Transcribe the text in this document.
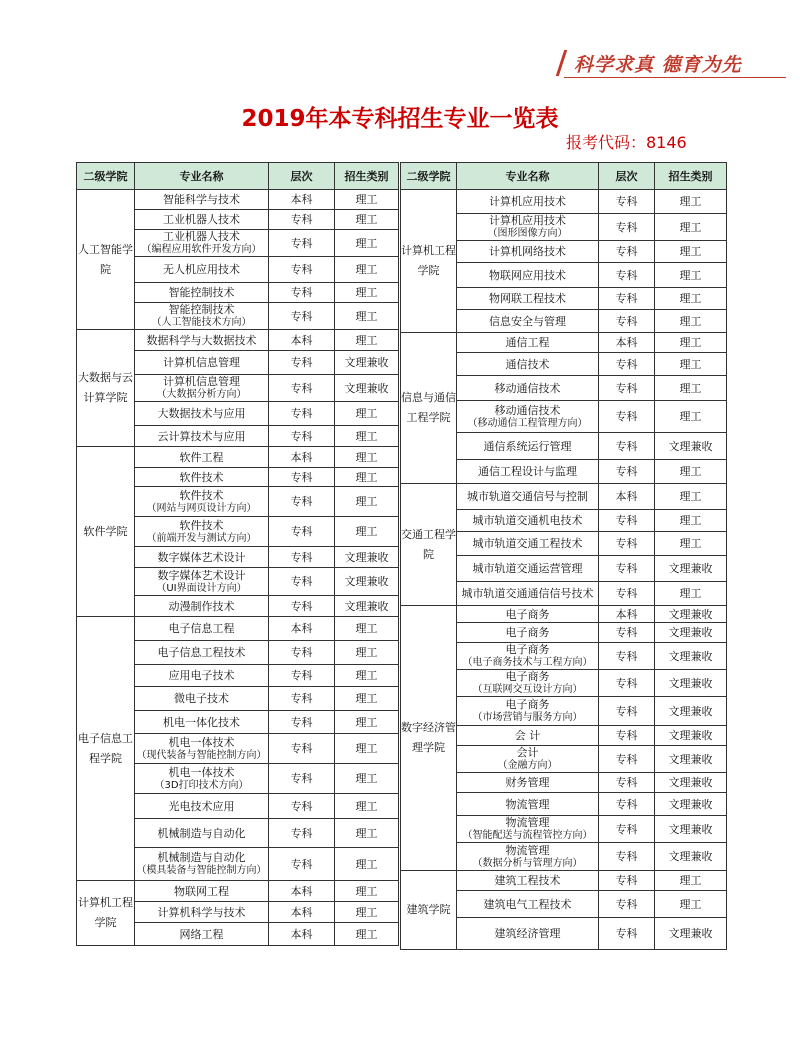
科学求真 德育为先
2019年本专科招生专业一览表
报考代码：8146
二级学院	专业名称	层次	招生类别
人工智能学院	智能科学与技术	本科	理工

	工业机器人技术	专科	理工

	工业机器人技术
（编程应用软件开发方向）	专科	理工

	无人机应用技术	专科	理工

	智能控制技术	专科	理工

	智能控制技术
（人工智能技术方向）	专科	理工
大数据与云计算学院	数据科学与大数据技术	本科	理工

	计算机信息管理	专科	文理兼收

	计算机信息管理
（大数据分析方向）	专科	文理兼收

	大数据技术与应用	专科	理工

	云计算技术与应用	专科	理工
软件学院	软件工程	本科	理工

	软件技术	专科	理工

	软件技术
（网站与网页设计方向）	专科	理工

	软件技术
（前端开发与测试方向）	专科	理工

	数字媒体艺术设计	专科	文理兼收

	数字媒体艺术设计
（UI界面设计方向）	专科	文理兼收

	动漫制作技术	专科	文理兼收
电子信息工程学院	电子信息工程	本科	理工

	电子信息工程技术	专科	理工

	应用电子技术	专科	理工

	微电子技术	专科	理工

	机电一体化技术	专科	理工

	机电一体技术
（现代装备与智能控制方向）	专科	理工

	机电一体技术
（3D打印技术方向）	专科	理工

	光电技术应用	专科	理工

	机械制造与自动化	专科	理工

	机械制造与自动化
（模具装备与智能控制方向）	专科	理工
计算机工程学院	物联网工程	本科	理工

	计算机科学与技术	本科	理工

	网络工程	本科	理工
二级学院	专业名称	层次	招生类别
计算机工程学院	计算机应用技术	专科	理工

	计算机应用技术
（图形图像方向）	专科	理工

	计算机网络技术	专科	理工

	物联网应用技术	专科	理工

	物网联工程技术	专科	理工

	信息安全与管理	专科	理工
信息与通信工程学院	通信工程	本科	理工

	通信技术	专科	理工

	移动通信技术	专科	理工

	移动通信技术
（移动通信工程管理方向）	专科	理工

	通信系统运行管理	专科	文理兼收

	通信工程设计与监理	专科	理工
交通工程学院	城市轨道交通信号与控制	本科	理工

	城市轨道交通机电技术	专科	理工

	城市轨道交通工程技术	专科	理工

	城市轨道交通运营管理	专科	文理兼收

	城市轨道交通通信信号技术	专科	理工
数字经济管理学院	电子商务	本科	文理兼收

	电子商务	专科	文理兼收

	电子商务
（电子商务技术与工程方向）	专科	文理兼收

	电子商务
（互联网交互设计方向）	专科	文理兼收

	电子商务
（市场营销与服务方向）	专科	文理兼收

	会 计	专科	文理兼收

	会计
（金融方向）	专科	文理兼收

	财务管理	专科	文理兼收

	物流管理	专科	文理兼收

	物流管理
（智能配送与流程管控方向）	专科	文理兼收

	物流管理
（数据分析与管理方向）	专科	文理兼收
建筑学院	建筑工程技术	专科	理工

	建筑电气工程技术	专科	理工

	建筑经济管理	专科	文理兼收
